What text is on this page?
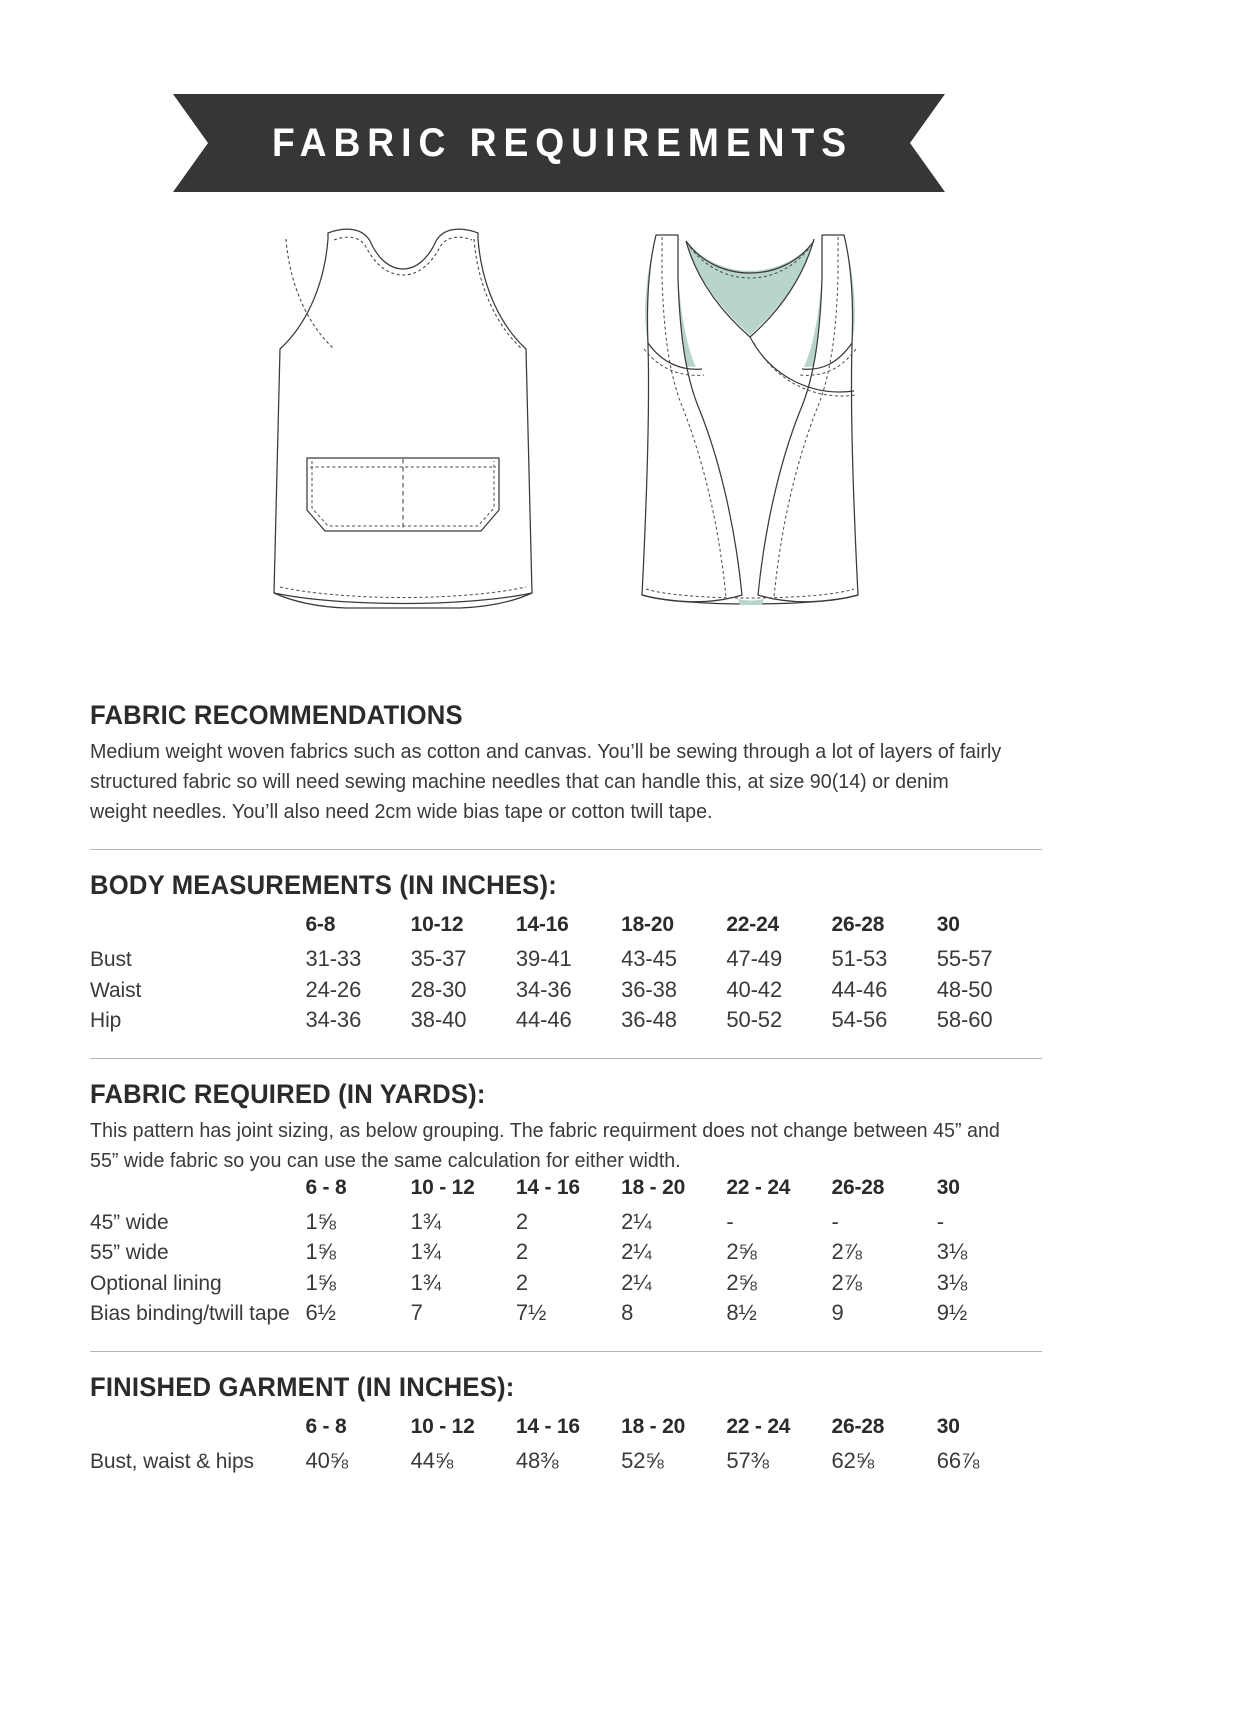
FABRIC REQUIREMENTS
FABRIC RECOMMENDATIONS

Medium weight woven fabrics such as cotton and canvas. You’ll be sewing through a lot of layers of fairly structured fabric so will need sewing machine needles that can handle this, at size 90(14) or denim weight needles. You’ll also need 2cm wide bias tape or cotton twill tape.

BODY MEASUREMENTS (IN INCHES):
	6-8	10-12	14-16	18-20	22-24	26-28	30
Bust	31-33	35-37	39-41	43-45	47-49	51-53	55-57
Waist	24-26	28-30	34-36	36-38	40-42	44-46	48-50
Hip	34-36	38-40	44-46	36-48	50-52	54-56	58-60
FABRIC REQUIRED (IN YARDS):

This pattern has joint sizing, as below grouping. The fabric requirment does not change between 45” and 55” wide fabric so you can use the same calculation for either width.

	6 - 8	10 - 12	14 - 16	18 - 20	22 - 24	26-28	30
45” wide	1⅝	1¾	2	2¼	-	-	-
55” wide	1⅝	1¾	2	2¼	2⅝	2⅞	3⅛
Optional lining	1⅝	1¾	2	2¼	2⅝	2⅞	3⅛
Bias binding/twill tape	6½	7	7½	8	8½	9	9½
FINISHED GARMENT (IN INCHES):
	6 - 8	10 - 12	14 - 16	18 - 20	22 - 24	26-28	30
Bust, waist & hips	40⅝	44⅝	48⅜	52⅝	57⅜	62⅝	66⅞
